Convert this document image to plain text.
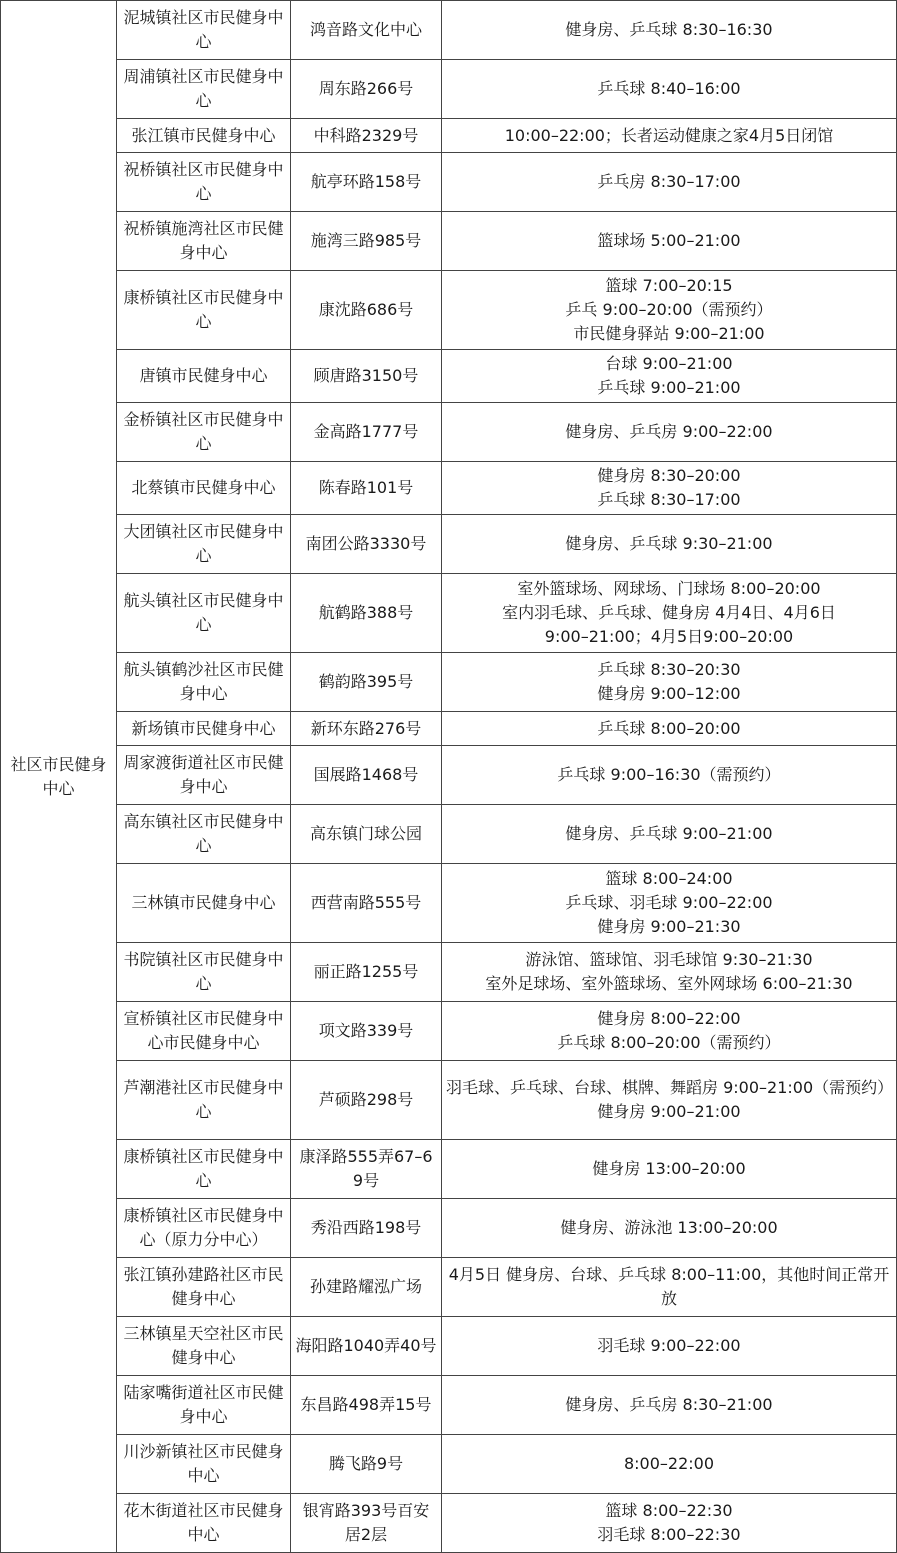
社区市民健身中心	泥城镇社区市民健身中心	鸿音路文化中心	健身房、乒乓球 8:30–16:30

	周浦镇社区市民健身中心	周东路266号	乒乓球 8:40–16:00

	张江镇市民健身中心	中科路2329号	10:00–22:00；长者运动健康之家4月5日闭馆

	祝桥镇社区市民健身中心	航亭环路158号	乒乓房 8:30–17:00

	祝桥镇施湾社区市民健身中心	施湾三路985号	篮球场 5:00–21:00

	康桥镇社区市民健身中心	康沈路686号	篮球 7:00–20:15
乒乓 9:00–20:00（需预约）
市民健身驿站 9:00–21:00

	唐镇市民健身中心	顾唐路3150号	台球 9:00–21:00
乒乓球 9:00–21:00

	金桥镇社区市民健身中心	金高路1777号	健身房、乒乓房 9:00–22:00

	北蔡镇市民健身中心	陈春路101号	健身房 8:30–20:00
乒乓球 8:30–17:00

	大团镇社区市民健身中心	南团公路3330号	健身房、乒乓球 9:30–21:00

	航头镇社区市民健身中心	航鹤路388号	室外篮球场、网球场、门球场 8:00–20:00
室内羽毛球、乒乓球、健身房 4月4日、4月6日
9:00–21:00；4月5日9:00–20:00

	航头镇鹤沙社区市民健身中心	鹤韵路395号	乒乓球 8:30–20:30
健身房 9:00–12:00

	新场镇市民健身中心	新环东路276号	乒乓球 8:00–20:00

	周家渡街道社区市民健身中心	国展路1468号	乒乓球 9:00–16:30（需预约）

	高东镇社区市民健身中心	高东镇门球公园	健身房、乒乓球 9:00–21:00

	三林镇市民健身中心	西营南路555号	篮球 8:00–24:00
乒乓球、羽毛球 9:00–22:00
健身房 9:00–21:30

	书院镇社区市民健身中心	丽正路1255号	游泳馆、篮球馆、羽毛球馆 9:30–21:30
室外足球场、室外篮球场、室外网球场 6:00–21:30

	宣桥镇社区市民健身中心市民健身中心	项文路339号	健身房 8:00–22:00
乒乓球 8:00–20:00（需预约）

	芦潮港社区市民健身中心	芦硕路298号	羽毛球、乒乓球、台球、棋牌、舞蹈房 9:00–21:00（需预约）
健身房 9:00–21:00

	康桥镇社区市民健身中心	康泽路555弄67–69号	健身房 13:00–20:00

	康桥镇社区市民健身中心（原力分中心）	秀沿西路198号	健身房、游泳池 13:00–20:00

	张江镇孙建路社区市民健身中心	孙建路耀泓广场	4月5日 健身房、台球、乒乓球 8:00–11:00，其他时间正常开放

	三林镇星天空社区市民健身中心	海阳路1040弄40号	羽毛球 9:00–22:00

	陆家嘴街道社区市民健身中心	东昌路498弄15号	健身房、乒乓房 8:30–21:00

	川沙新镇社区市民健身中心	腾飞路9号	8:00–22:00

	花木街道社区市民健身中心	银宵路393号百安居2层	篮球 8:00–22:30
羽毛球 8:00–22:30
